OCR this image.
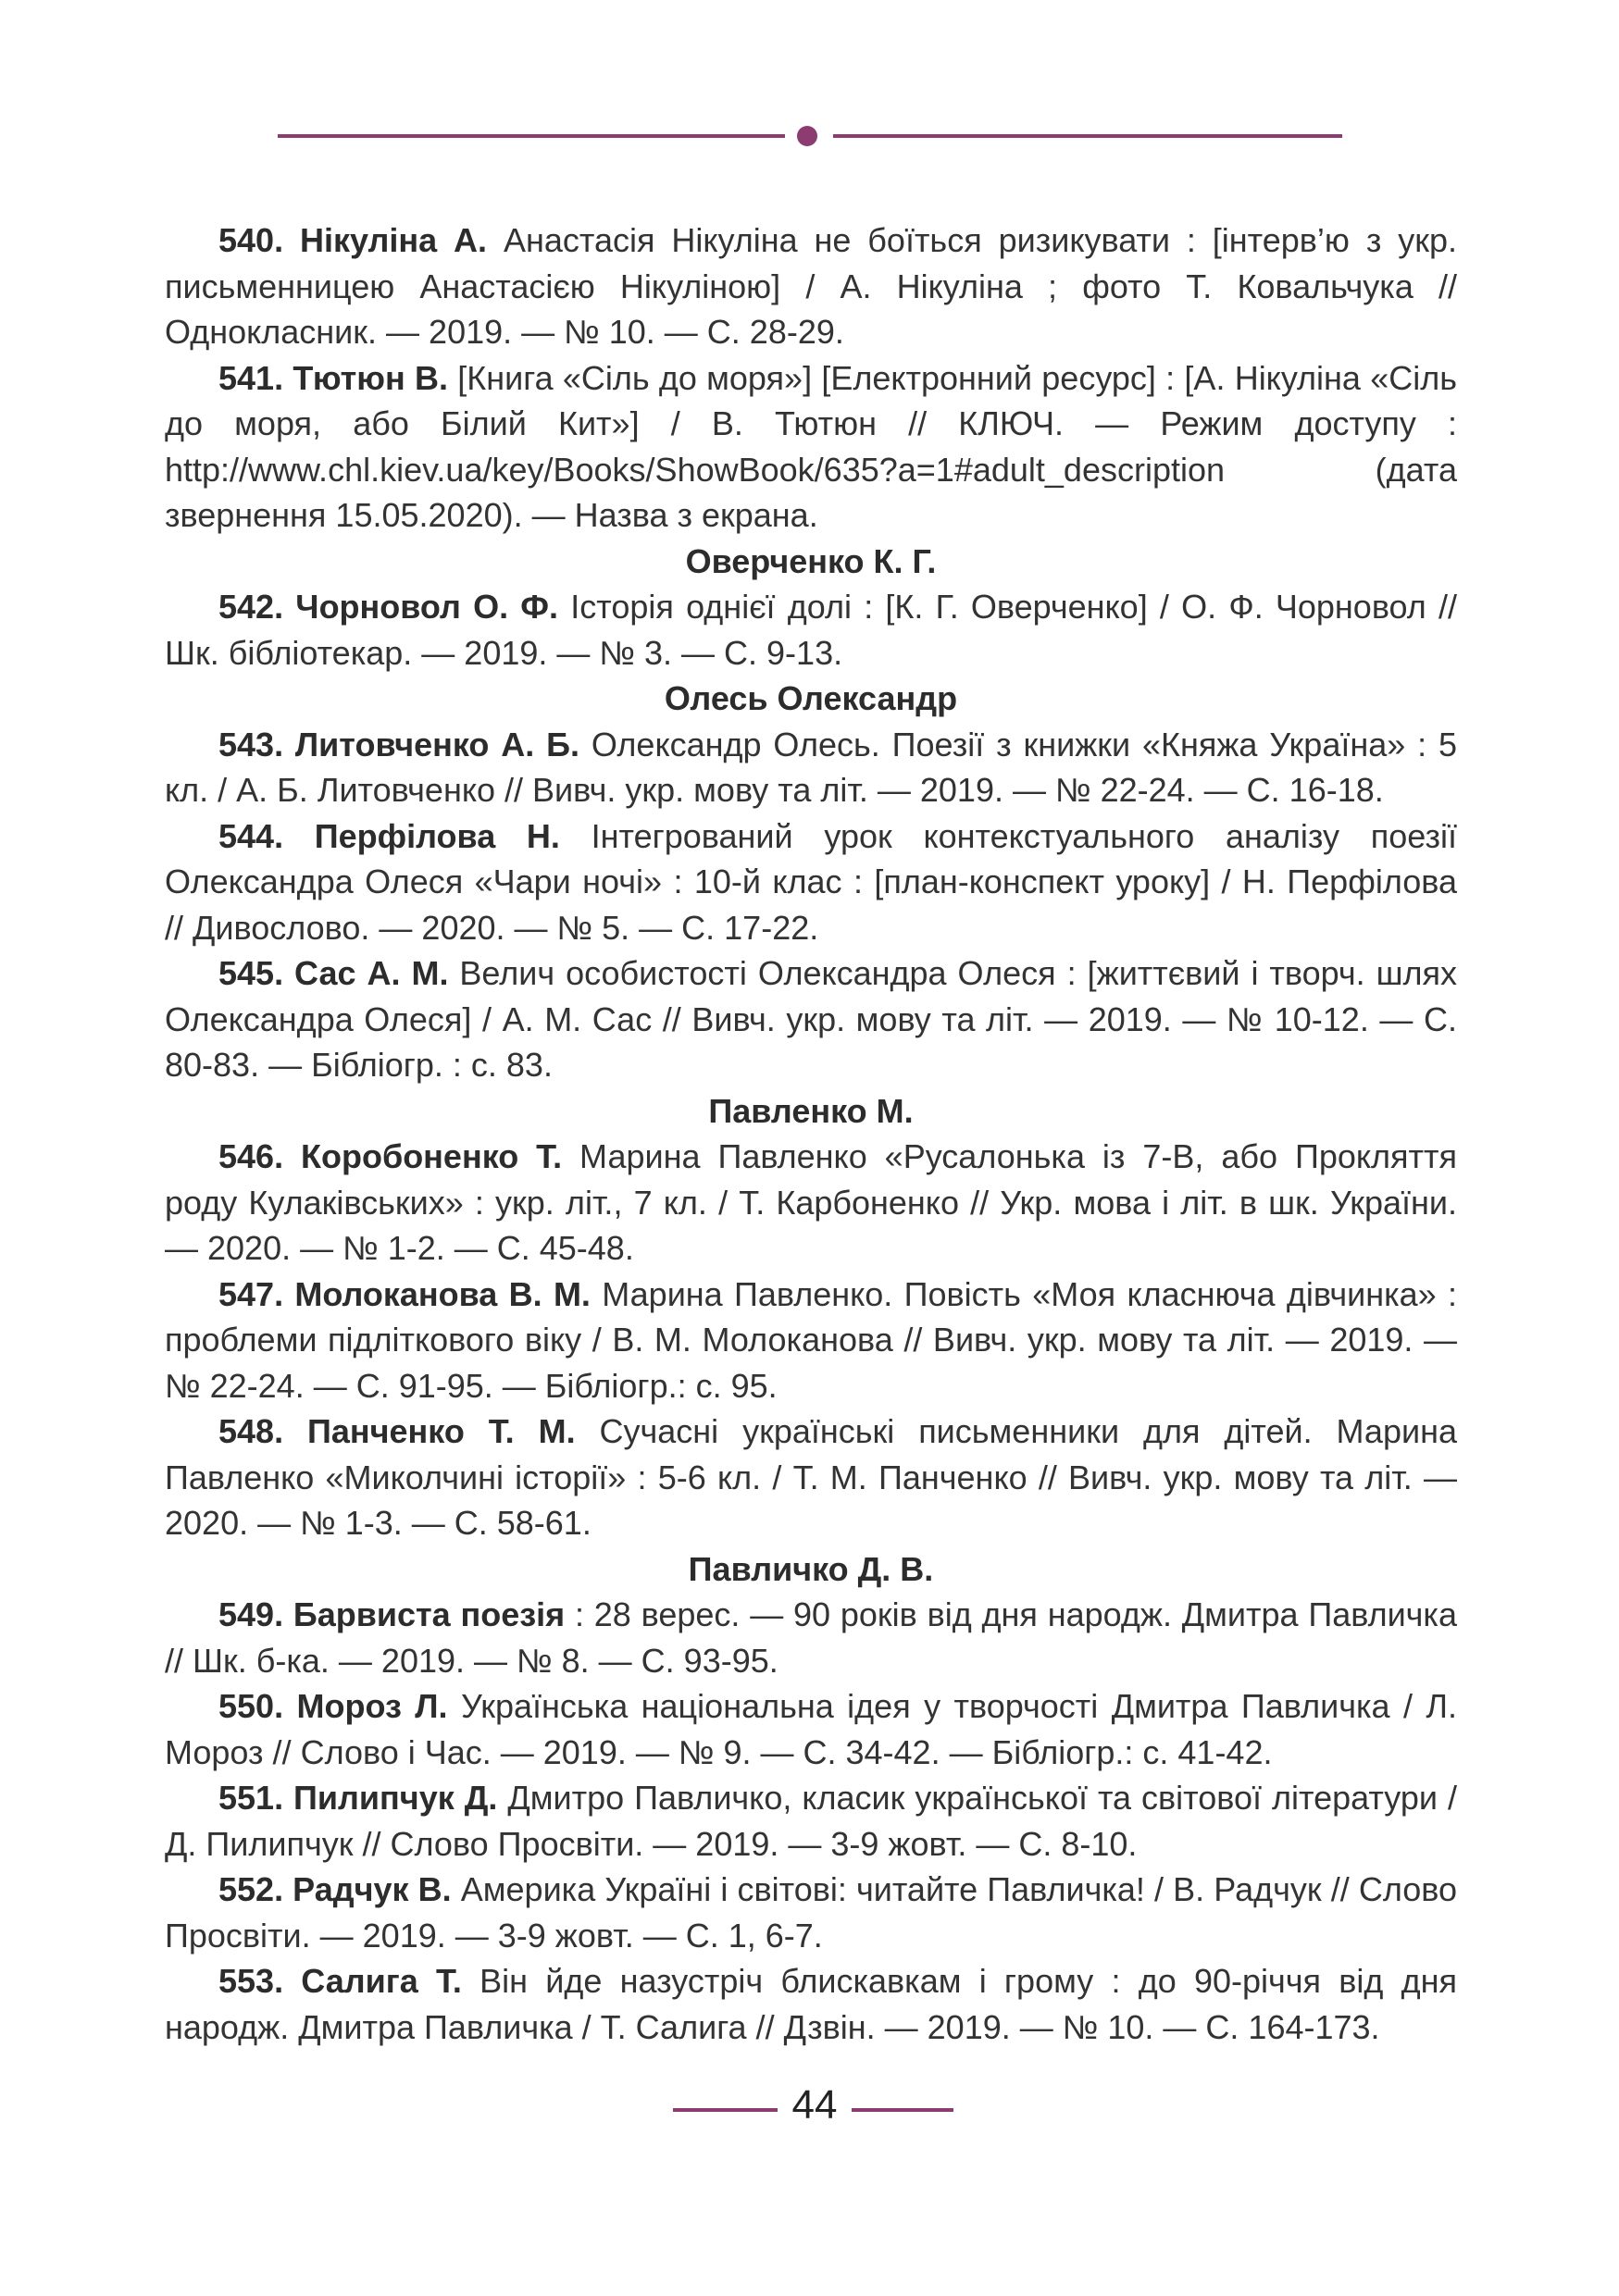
540. Нікуліна А. Анастасія Нікуліна не боїться ризикувати : [інтерв’ю з укр. письменницею Анастасією Нікуліною] / А. Нікуліна ; фото Т. Ковальчука // Однокласник. — 2019. — № 10. — С. 28-29.

541. Тютюн В. [Книга «Сіль до моря»] [Електронний ресурс] : [А. Нікуліна «Сіль до моря, або Білий Кит»] / В. Тютюн // КЛЮЧ. — Режим доступу : http://www.chl.kiev.ua/key/Books/ShowBook/635?a=1#adult_description (дата звернення 15.05.2020). — Назва з екрана.

Оверченко К. Г.

542. Чорновол О. Ф. Історія однієї долі : [К. Г. Оверченко] / О. Ф. Чорновол // Шк. бібліотекар. — 2019. — № 3. — С. 9-13.

Олесь Олександр

543. Литовченко А. Б. Олександр Олесь. Поезії з книжки «Княжа Україна» : 5 кл. / А. Б. Литовченко // Вивч. укр. мову та літ. — 2019. — № 22-24. — С. 16-18.

544. Перфілова Н. Інтегрований урок контекстуального аналізу поезії Олександра Олеся «Чари ночі» : 10-й клас : [план-конспект уроку] / Н. Перфілова // Дивослово. — 2020. — № 5. — С. 17-22.

545. Сас А. М. Велич особистості Олександра Олеся : [життєвий і творч. шлях Олександра Олеся] / А. М. Сас // Вивч. укр. мову та літ. — 2019. — № 10-12. — С. 80-83. — Бібліогр. : с. 83.

Павленко М.

546. Коробоненко Т. Марина Павленко «Русалонька із 7-В, або Прокляття роду Кулаківських» : укр. літ., 7 кл. / Т. Карбоненко // Укр. мова і літ. в шк. України. — 2020. — № 1-2. — С. 45-48.

547. Молоканова В. М. Марина Павленко. Повість «Моя класнюча дівчинка» : проблеми підліткового віку / В. М. Молоканова // Вивч. укр. мову та літ. — 2019. — № 22-24. — С. 91-95. — Бібліогр.: с. 95.

548. Панченко Т. М. Сучасні українські письменники для дітей. Марина Павленко «Миколчині історії» : 5-6 кл. / Т. М. Панченко // Вивч. укр. мову та літ. — 2020. — № 1-3. — С. 58-61.

Павличко Д. В.

549. Барвиста поезія : 28 верес. — 90 років від дня народж. Дмитра Павличка // Шк. б-ка. — 2019. — № 8. — С. 93-95.

550. Мороз Л. Українська національна ідея у творчості Дмитра Павличка / Л. Мороз // Слово і Час. — 2019. — № 9. — С. 34-42. — Бібліогр.: с. 41-42.

551. Пилипчук Д. Дмитро Павличко, класик української та світової літератури / Д. Пилипчук // Слово Просвіти. — 2019. — 3-9 жовт. — С. 8-10.

552. Радчук В. Америка Україні і світові: читайте Павличка! / В. Радчук // Слово Просвіти. — 2019. — 3-9 жовт. — С. 1, 6-7.

553. Салига Т. Він йде назустріч блискавкам і грому : до 90-річчя від дня народж. Дмитра Павличка / Т. Салига // Дзвін. — 2019. — № 10. — С. 164-173.

44
